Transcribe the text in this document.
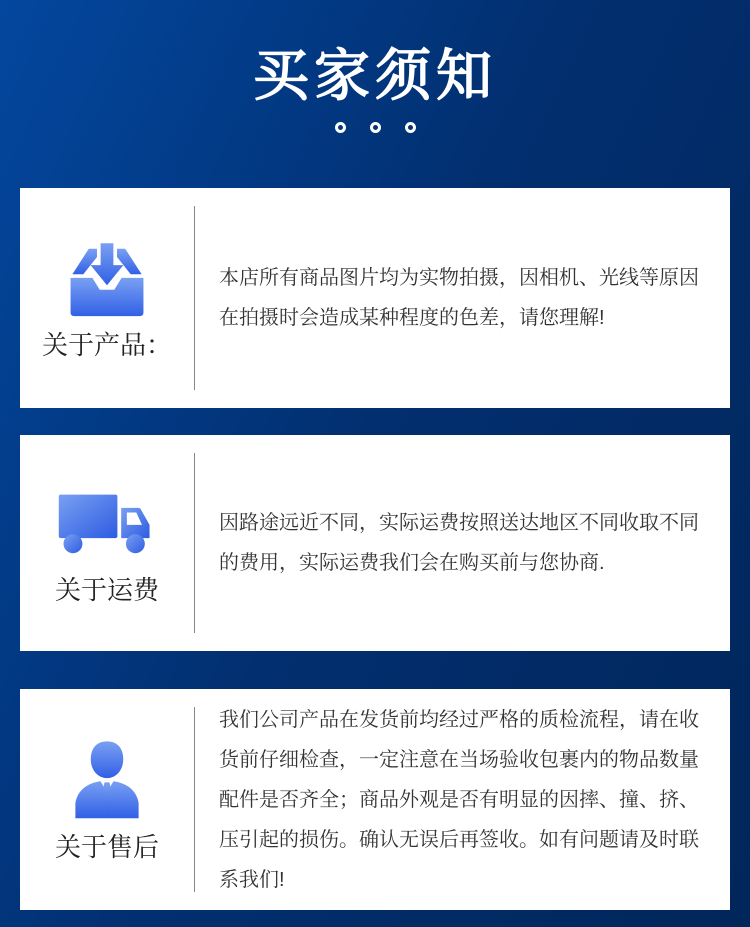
买家须知
关于产品：

本店所有商品图片均为实物拍摄，因相机、光线等原因在拍摄时会造成某种程度的色差，请您理解!

关于运费

因路途远近不同，实际运费按照送达地区不同收取不同的费用，实际运费我们会在购买前与您协商.

关于售后

我们公司产品在发货前均经过严格的质检流程，请在收货前仔细检查，一定注意在当场验收包裹内的物品数量配件是否齐全；商品外观是否有明显的因摔、撞、挤、压引起的损伤。确认无误后再签收。如有问题请及时联系我们!
